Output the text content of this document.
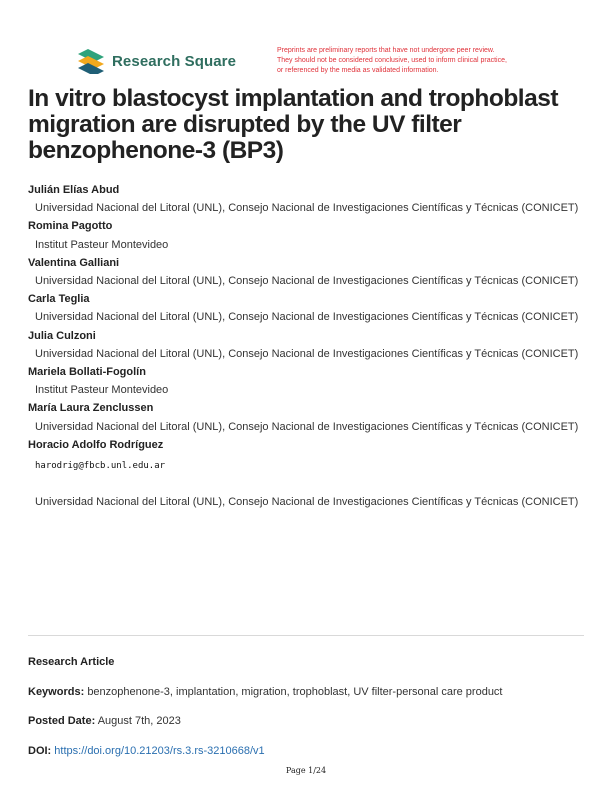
Research Square
Preprints are preliminary reports that have not undergone peer review.
They should not be considered conclusive, used to inform clinical practice,
or referenced by the media as validated information.
In vitro blastocyst implantation and trophoblast migration are disrupted by the UV filter benzophenone-3 (BP3)
Julián Elías Abud
Universidad Nacional del Litoral (UNL), Consejo Nacional de Investigaciones Científicas y Técnicas (CONICET)
Romina Pagotto
Institut Pasteur Montevideo
Valentina Galliani
Universidad Nacional del Litoral (UNL), Consejo Nacional de Investigaciones Científicas y Técnicas (CONICET)
Carla Teglia
Universidad Nacional del Litoral (UNL), Consejo Nacional de Investigaciones Científicas y Técnicas (CONICET)
Julia Culzoni
Universidad Nacional del Litoral (UNL), Consejo Nacional de Investigaciones Científicas y Técnicas (CONICET)
Mariela Bollati-Fogolín
Institut Pasteur Montevideo
María Laura Zenclussen
Universidad Nacional del Litoral (UNL), Consejo Nacional de Investigaciones Científicas y Técnicas (CONICET)
Horacio Adolfo Rodríguez
harodrig@fbcb.unl.edu.ar
Universidad Nacional del Litoral (UNL), Consejo Nacional de Investigaciones Científicas y Técnicas (CONICET)
Research Article
Keywords: benzophenone-3, implantation, migration, trophoblast, UV filter-personal care product
Posted Date: August 7th, 2023
DOI: https://doi.org/10.21203/rs.3.rs-3210668/v1
Page 1/24
